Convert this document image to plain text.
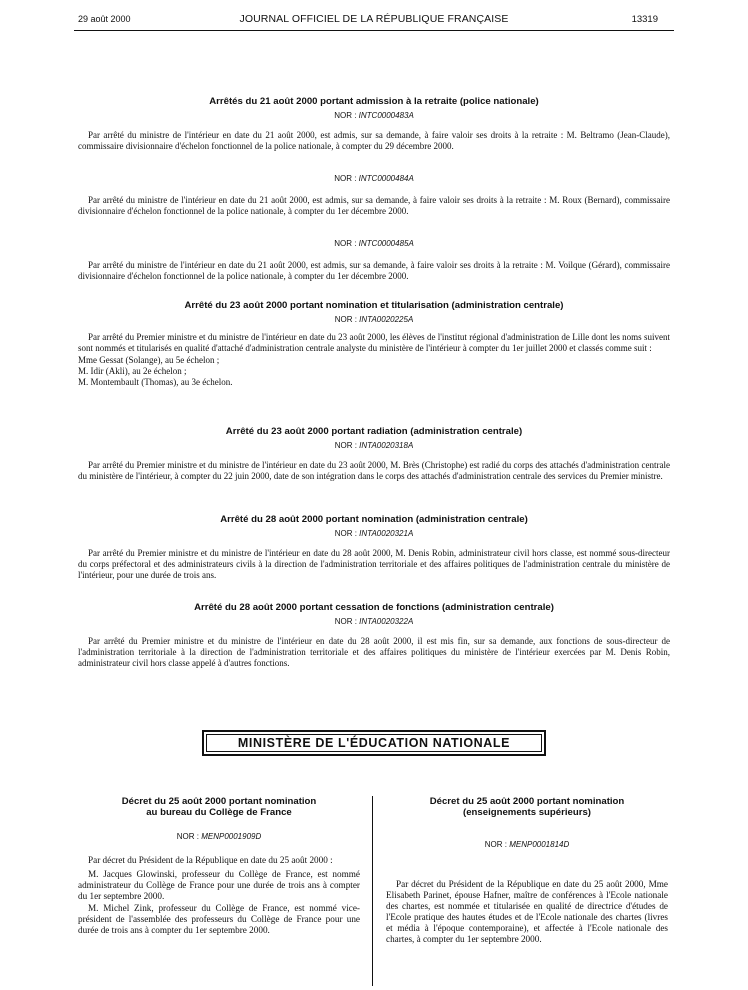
29 août 2000	JOURNAL OFFICIEL DE LA RÉPUBLIQUE FRANÇAISE	13319

Arrêtés du 21 août 2000 portant admission à la retraite (police nationale)

NOR : INTC0000483A

Par arrêté du ministre de l'intérieur en date du 21 août 2000, est admis, sur sa demande, à faire valoir ses droits à la retraite : M. Beltramo (Jean-Claude), commissaire divisionnaire d'échelon fonctionnel de la police nationale, à compter du 29 décembre 2000.

NOR : INTC0000484A

Par arrêté du ministre de l'intérieur en date du 21 août 2000, est admis, sur sa demande, à faire valoir ses droits à la retraite : M. Roux (Bernard), commissaire divisionnaire d'échelon fonctionnel de la police nationale, à compter du 1er décembre 2000.

NOR : INTC0000485A

Par arrêté du ministre de l'intérieur en date du 21 août 2000, est admis, sur sa demande, à faire valoir ses droits à la retraite : M. Voilque (Gérard), commissaire divisionnaire d'échelon fonctionnel de la police nationale, à compter du 1er décembre 2000.

Arrêté du 23 août 2000 portant nomination et titularisation (administration centrale)

NOR : INTA0020225A

Par arrêté du Premier ministre et du ministre de l'intérieur en date du 23 août 2000, les élèves de l'institut régional d'administration de Lille dont les noms suivent sont nommés et titularisés en qualité d'attaché d'administration centrale analyste du ministère de l'intérieur à compter du 1er juillet 2000 et classés comme suit :

Mme Gessat (Solange), au 5e échelon ;

M. Idir (Akli), au 2e échelon ;

M. Montembault (Thomas), au 3e échelon.

Arrêté du 23 août 2000 portant radiation (administration centrale)

NOR : INTA0020318A

Par arrêté du Premier ministre et du ministre de l'intérieur en date du 23 août 2000, M. Brès (Christophe) est radié du corps des attachés d'administration centrale du ministère de l'intérieur, à compter du 22 juin 2000, date de son intégration dans le corps des attachés d'administration centrale des services du Premier ministre.

Arrêté du 28 août 2000 portant nomination (administration centrale)

NOR : INTA0020321A

Par arrêté du Premier ministre et du ministre de l'intérieur en date du 28 août 2000, M. Denis Robin, administrateur civil hors classe, est nommé sous-directeur du corps préfectoral et des administrateurs civils à la direction de l'administration territoriale et des affaires politiques de l'administration centrale du ministère de l'intérieur, pour une durée de trois ans.

Arrêté du 28 août 2000 portant cessation de fonctions (administration centrale)

NOR : INTA0020322A

Par arrêté du Premier ministre et du ministre de l'intérieur en date du 28 août 2000, il est mis fin, sur sa demande, aux fonctions de sous-directeur de l'administration territoriale à la direction de l'administration territoriale et des affaires politiques du ministère de l'intérieur exercées par M. Denis Robin, administrateur civil hors classe appelé à d'autres fonctions.

MINISTÈRE DE L'ÉDUCATION NATIONALE

Décret du 25 août 2000 portant nomination

au bureau du Collège de France

NOR : MENP0001909D

Par décret du Président de la République en date du 25 août 2000 :

M. Jacques Glowinski, professeur du Collège de France, est nommé administrateur du Collège de France pour une durée de trois ans à compter du 1er septembre 2000.

M. Michel Zink, professeur du Collège de France, est nommé vice-président de l'assemblée des professeurs du Collège de France pour une durée de trois ans à compter du 1er septembre 2000.

Décret du 25 août 2000 portant nomination

(enseignements supérieurs)

NOR : MENP0001814D

Par décret du Président de la République en date du 25 août 2000, Mme Elisabeth Parinet, épouse Hafner, maître de conférences à l'Ecole nationale des chartes, est nommée et titularisée en qualité de directrice d'études de l'Ecole pratique des hautes études et de l'Ecole nationale des chartes (livres et média à l'époque contemporaine), et affectée à l'Ecole nationale des chartes, à compter du 1er septembre 2000.
